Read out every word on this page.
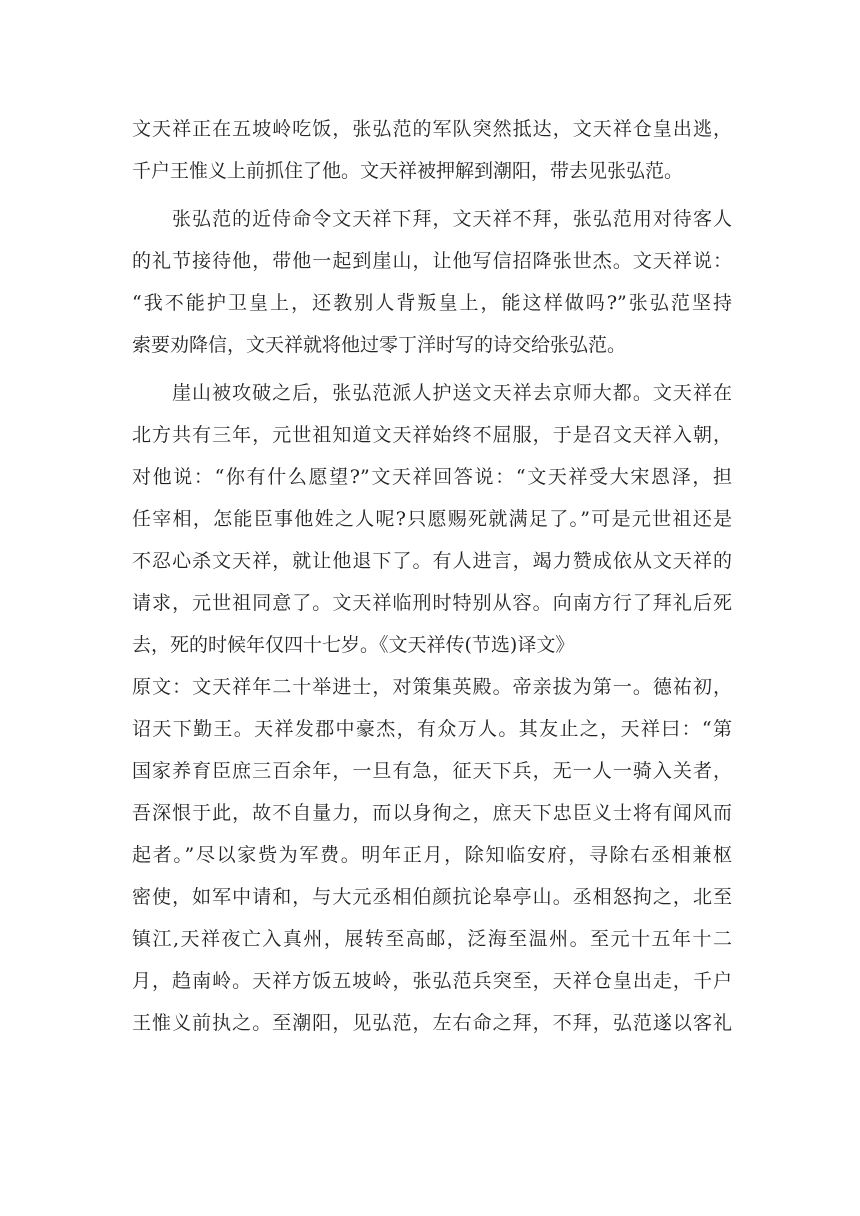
文天祥正在五坡岭吃饭，张弘范的军队突然抵达，文天祥仓皇出逃，
千户王惟义上前抓住了他。文天祥被押解到潮阳，带去见张弘范。
张弘范的近侍命令文天祥下拜，文天祥不拜，张弘范用对待客人
的礼节接待他，带他一起到崖山，让他写信招降张世杰。文天祥说：
“我不能护卫皇上，还教别人背叛皇上，能这样做吗?”张弘范坚持
索要劝降信，文天祥就将他过零丁洋时写的诗交给张弘范。
崖山被攻破之后，张弘范派人护送文天祥去京师大都。文天祥在
北方共有三年，元世祖知道文天祥始终不屈服，于是召文天祥入朝，
对他说：“你有什么愿望?”文天祥回答说：“文天祥受大宋恩泽，担
任宰相，怎能臣事他姓之人呢?只愿赐死就满足了。”可是元世祖还是
不忍心杀文天祥，就让他退下了。有人进言，竭力赞成依从文天祥的
请求，元世祖同意了。文天祥临刑时特别从容。向南方行了拜礼后死
去，死的时候年仅四十七岁。《文天祥传(节选)译文》
原文：文天祥年二十举进士，对策集英殿。帝亲拔为第一。德祐初，
诏天下勤王。天祥发郡中豪杰，有众万人。其友止之，天祥曰：“第
国家养育臣庶三百余年，一旦有急，征天下兵，无一人一骑入关者，
吾深恨于此，故不自量力，而以身徇之，庶天下忠臣义士将有闻风而
起者。”尽以家赀为军费。明年正月，除知临安府，寻除右丞相兼枢
密使，如军中请和，与大元丞相伯颜抗论皋亭山。丞相怒拘之，北至
镇江,天祥夜亡入真州，展转至高邮，泛海至温州。至元十五年十二
月，趋南岭。天祥方饭五坡岭，张弘范兵突至，天祥仓皇出走，千户
王惟义前执之。至潮阳，见弘范，左右命之拜，不拜，弘范遂以客礼
